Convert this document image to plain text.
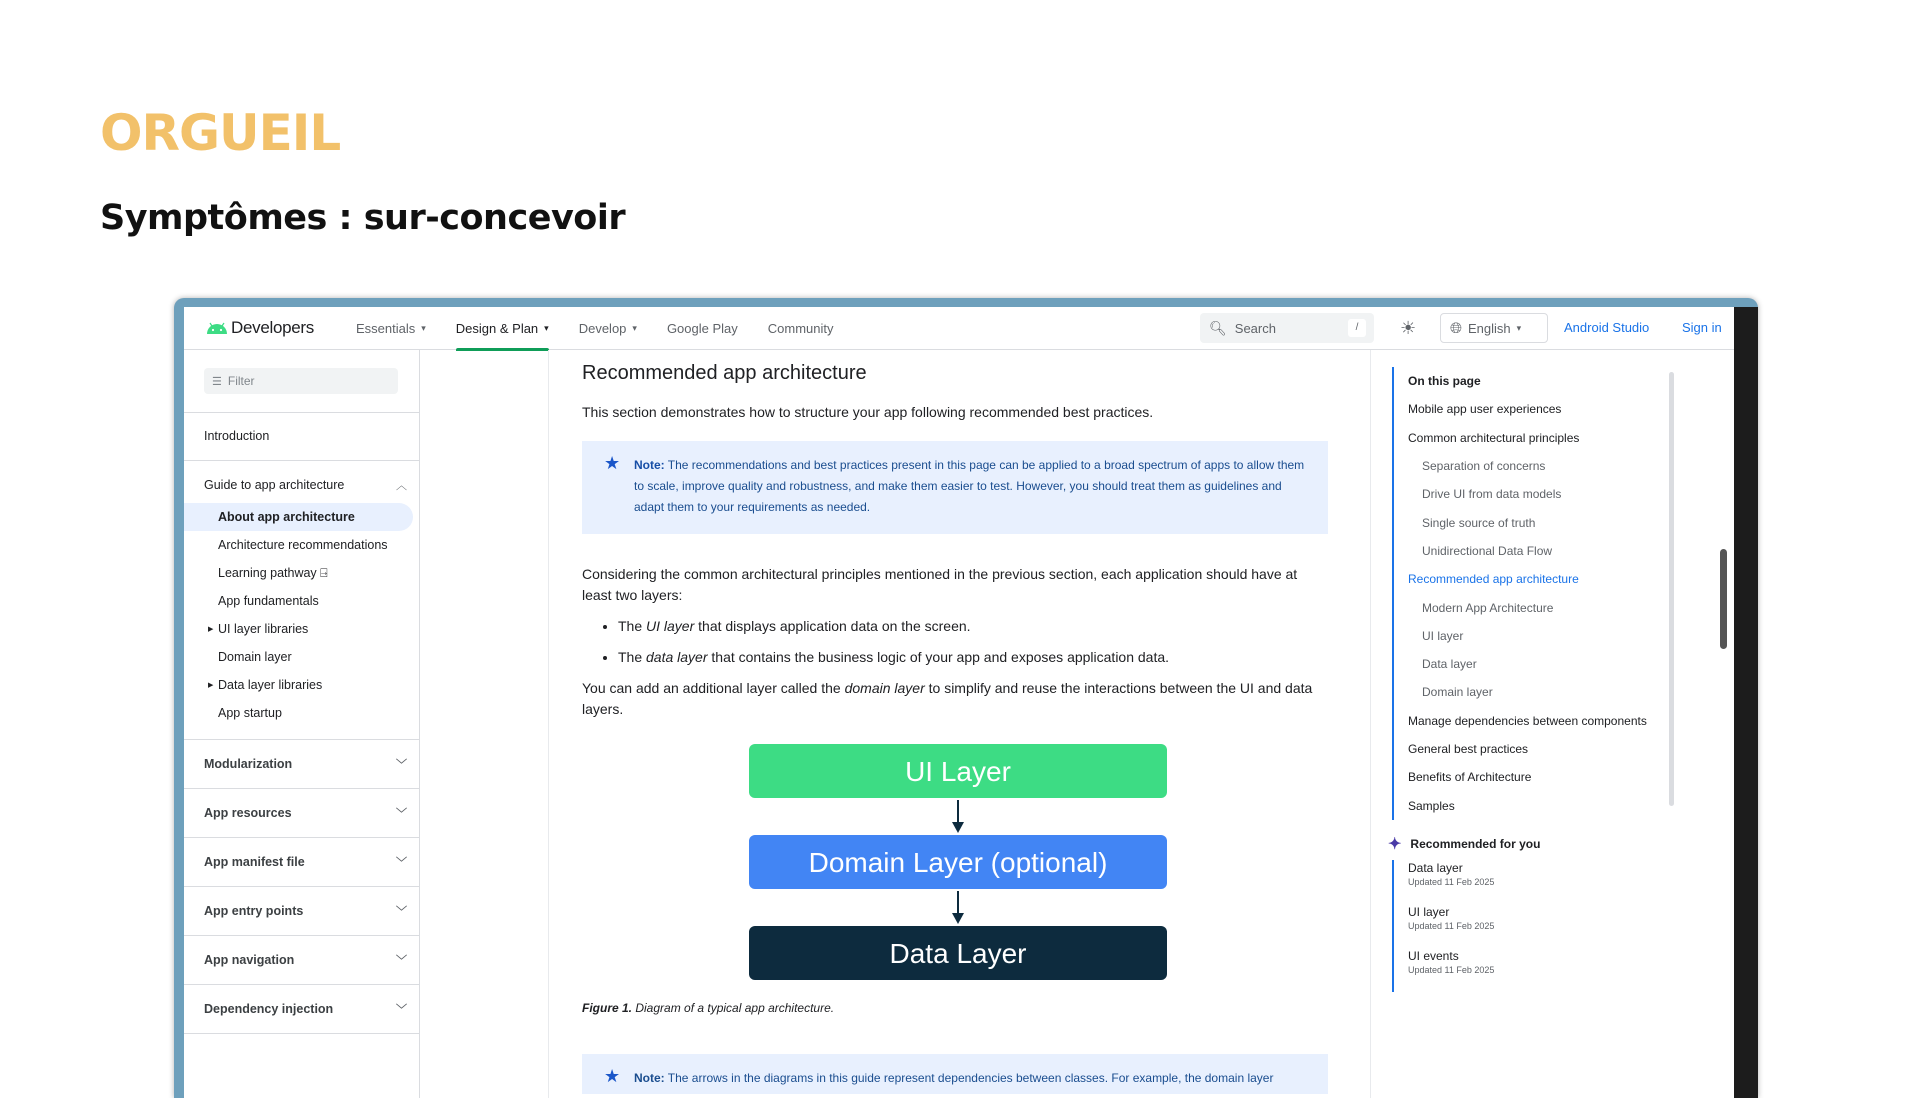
ORGUEIL
Symptômes : sur-concevoir
Developers	Essentials ▾ Design & Plan ▾ Develop ▾ Google Play Community	🔍︎ Search	/	☀ 🌐︎ English ▾	Android Studio	Sign in
☰ Filter
Introduction
Guide to app architecture	︿
About app architecture
Architecture recommendations
Learning pathway ⍈
App fundamentals
▶ UI layer libraries
Domain layer
▶ Data layer libraries
App startup
Modularization	﹀
App resources	﹀
App manifest file	﹀
App entry points	﹀
App navigation	﹀
Dependency injection	﹀
Recommended app architecture

This section demonstrates how to structure your app following recommended best practices.

★ Note: The recommendations and best practices present in this page can be applied to a broad spectrum of apps to allow them to scale, improve quality and robustness, and make them easier to test. However, you should treat them as guidelines and adapt them to your requirements as needed.

Considering the common architectural principles mentioned in the previous section, each application should have at least two layers:

• The UI layer that displays application data on the screen.
• The data layer that contains the business logic of your app and exposes application data.

You can add an additional layer called the domain layer to simplify and reuse the interactions between the UI and data layers.

UI Layer
Domain Layer (optional)
Data Layer
Figure 1. Diagram of a typical app architecture.
★ Note: The arrows in the diagrams in this guide represent dependencies between classes. For example, the domain layer
On this page
Mobile app user experiences
Common architectural principles
Separation of concerns
Drive UI from data models
Single source of truth
Unidirectional Data Flow
Recommended app architecture
Modern App Architecture
UI layer
Data layer
Domain layer
Manage dependencies between components
General best practices
Benefits of Architecture
Samples
✦ Recommended for you
Data layer
Updated 11 Feb 2025
UI layer
Updated 11 Feb 2025
UI events
Updated 11 Feb 2025
